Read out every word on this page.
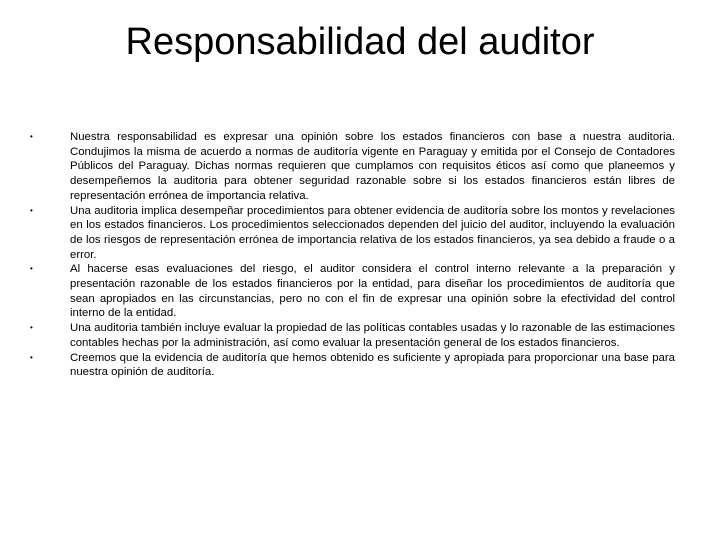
Responsabilidad del auditor
•	Nuestra responsabilidad es expresar una opinión sobre los estados financieros con base a nuestra auditoria. Condujimos la misma de acuerdo a normas de auditoría vigente en Paraguay y emitida por el Consejo de Contadores Públicos del Paraguay. Dichas normas requieren que cumplamos con requisitos éticos así como que planeemos y desempeñemos la auditoria para obtener seguridad razonable sobre si los estados financieros están libres de representación errónea de importancia relativa.
•	Una auditoria implica desempeñar procedimientos para obtener evidencia de auditoría sobre los montos y revelaciones en los estados financieros. Los procedimientos seleccionados dependen del juicio del auditor, incluyendo la evaluación de los riesgos de representación errónea de importancia relativa de los estados financieros, ya sea debido a fraude o a error.
•	Al hacerse esas evaluaciones del riesgo, el auditor considera el control interno relevante a la preparación y presentación razonable de los estados financieros por la entidad, para diseñar los procedimientos de auditoría que sean apropiados en las circunstancias, pero no con el fin de expresar una opinión sobre la efectividad del control interno de la entidad.
•	Una auditoria también incluye evaluar la propiedad de las políticas contables usadas y lo razonable de las estimaciones contables hechas por la administración, así como evaluar la presentación general de los estados financieros.
•	Creemos que la evidencia de auditoría que hemos obtenido es suficiente y apropiada para proporcionar una base para nuestra opinión de auditoría.
